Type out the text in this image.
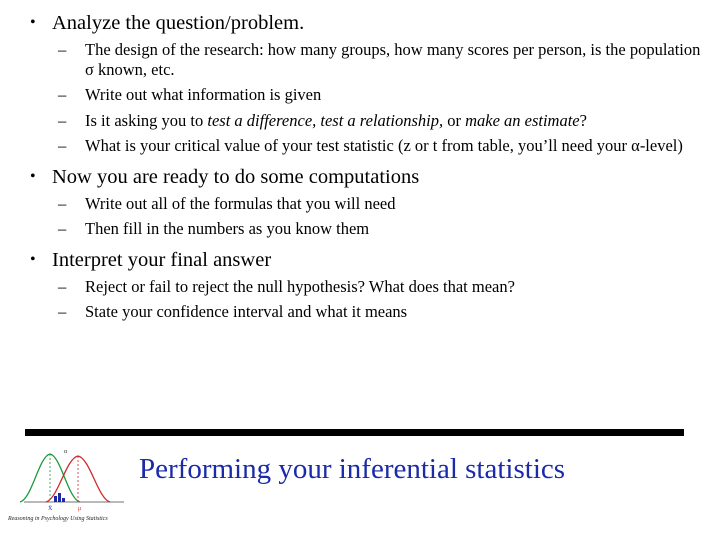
• Analyze the question/problem.
–	The design of the research: how many groups, how many scores per person, is the population σ known, etc.
–	Write out what information is given
–	Is it asking you to test a difference, test a relationship, or make an estimate?
–	What is your critical value of your test statistic (z or t from table, you’ll need your α-level)
• Now you are ready to do some computations
–	Write out all of the formulas that you will need
–	Then fill in the numbers as you know them
• Interpret your final answer
–	Reject or fail to reject the null hypothesis? What does that mean?
–	State your confidence interval and what it means
α
X̄	μ
Reasoning in Psychology Using Statistics
Performing your inferential statistics
